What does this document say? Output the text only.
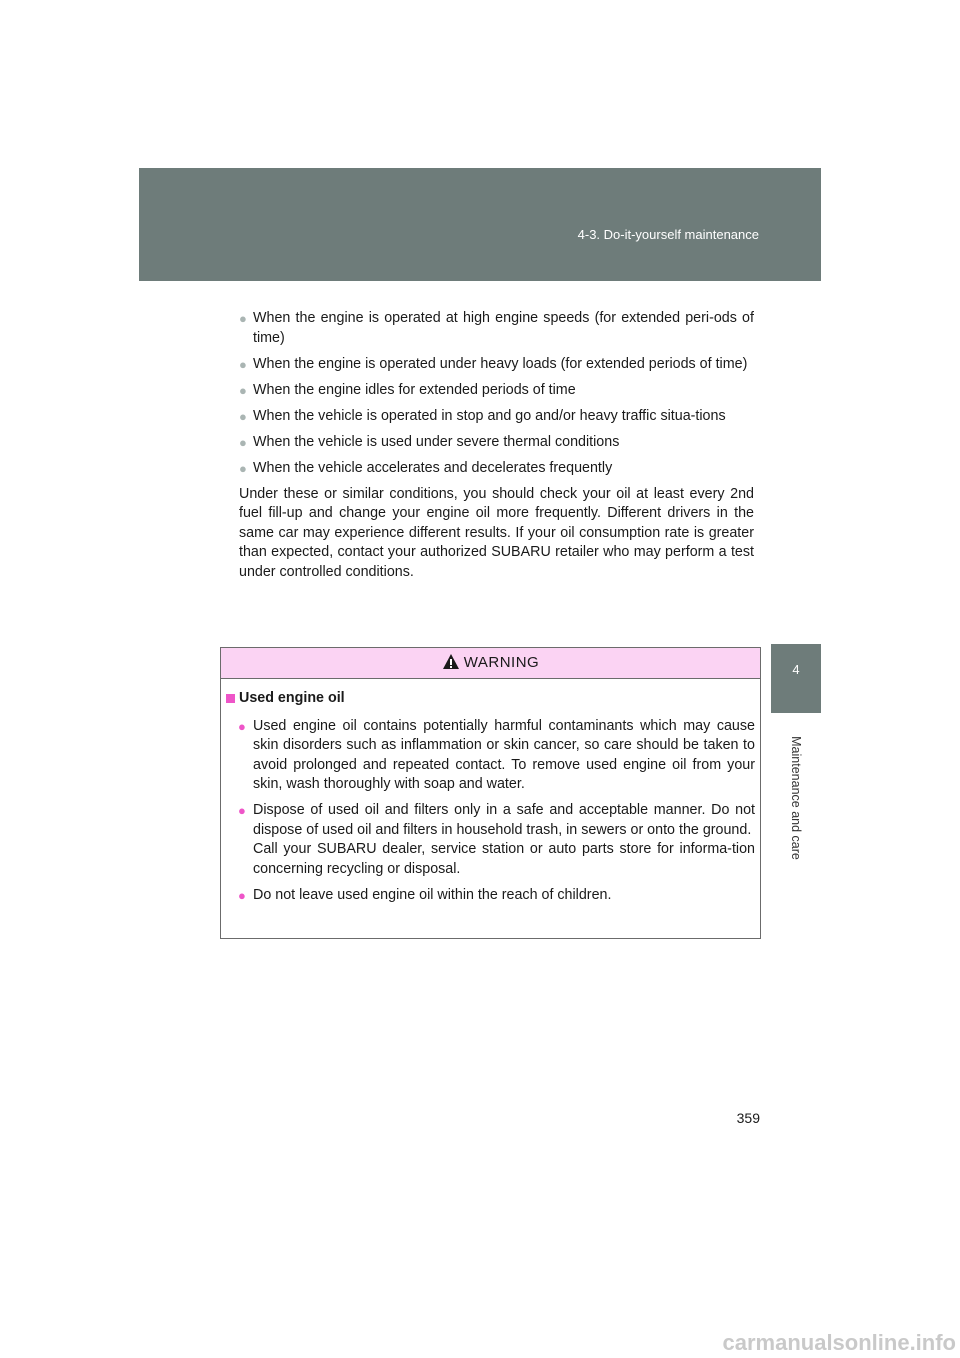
4-3. Do-it-yourself maintenance
4
Maintenance and care
● When the engine is operated at high engine speeds (for extended peri-ods of time)
● When the engine is operated under heavy loads (for extended periods of time)
● When the engine idles for extended periods of time
● When the vehicle is operated in stop and go and/or heavy traffic situa-tions
● When the vehicle is used under severe thermal conditions
● When the vehicle accelerates and decelerates frequently

Under these or similar conditions, you should check your oil at least every 2nd fuel fill-up and change your engine oil more frequently. Different drivers in the same car may experience different results. If your oil consumption rate is greater than expected, contact your authorized SUBARU retailer who may perform a test under controlled conditions.

WARNING
Used engine oil
● Used engine oil contains potentially harmful contaminants which may cause skin disorders such as inflammation or skin cancer, so care should be taken to avoid prolonged and repeated contact. To remove used engine oil from your skin, wash thoroughly with soap and water.
● Dispose of used oil and filters only in a safe and acceptable manner. Do not dispose of used oil and filters in household trash, in sewers or onto the ground.
Call your SUBARU dealer, service station or auto parts store for informa-tion concerning recycling or disposal.
● Do not leave used engine oil within the reach of children.
359
carmanualsonline.info
